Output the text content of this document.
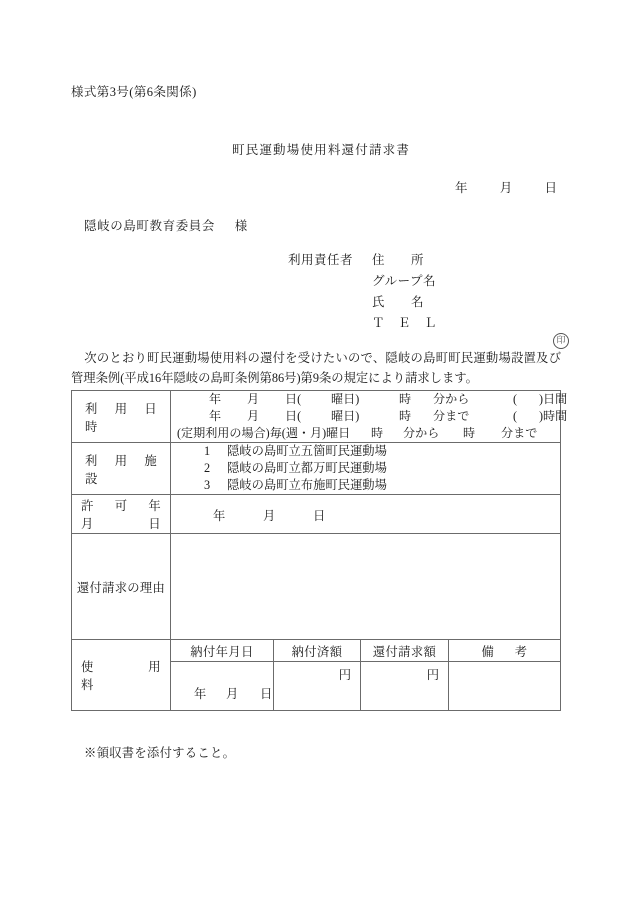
様式第3号(第6条関係)
町民運動場使用料還付請求書
年	月	日
隠岐の島町教育委員会 様
利用責任者 住　　所
グループ名
氏　　名
印
Ｔ　Ｅ　Ｌ
次のとおり町民運動場使用料の還付を受けたいので、隠岐の島町町民運動場設置及び管理条例(平成16年隠岐の島町条例第86号)第9条の規定により請求します。
利　用　日　時	
年 月 日( 曜日)	時 分から	( )日間
年 月 日( 曜日)	時 分まで	( )時間
(定期利用の場合)毎(週・月) 曜日 時 分から 時 分まで

利　用　施　設	
1 隠岐の島町立五箇町民運動場
2 隠岐の島町立都万町民運動場
3 隠岐の島町立布施町民運動場

許　可　年　月　日	年 月 日			

還付請求の理由				
使　　用　　料	納付年月日	納付済額	還付請求額	備　考

	年 月 日	円	円	

※領収書を添付すること。
